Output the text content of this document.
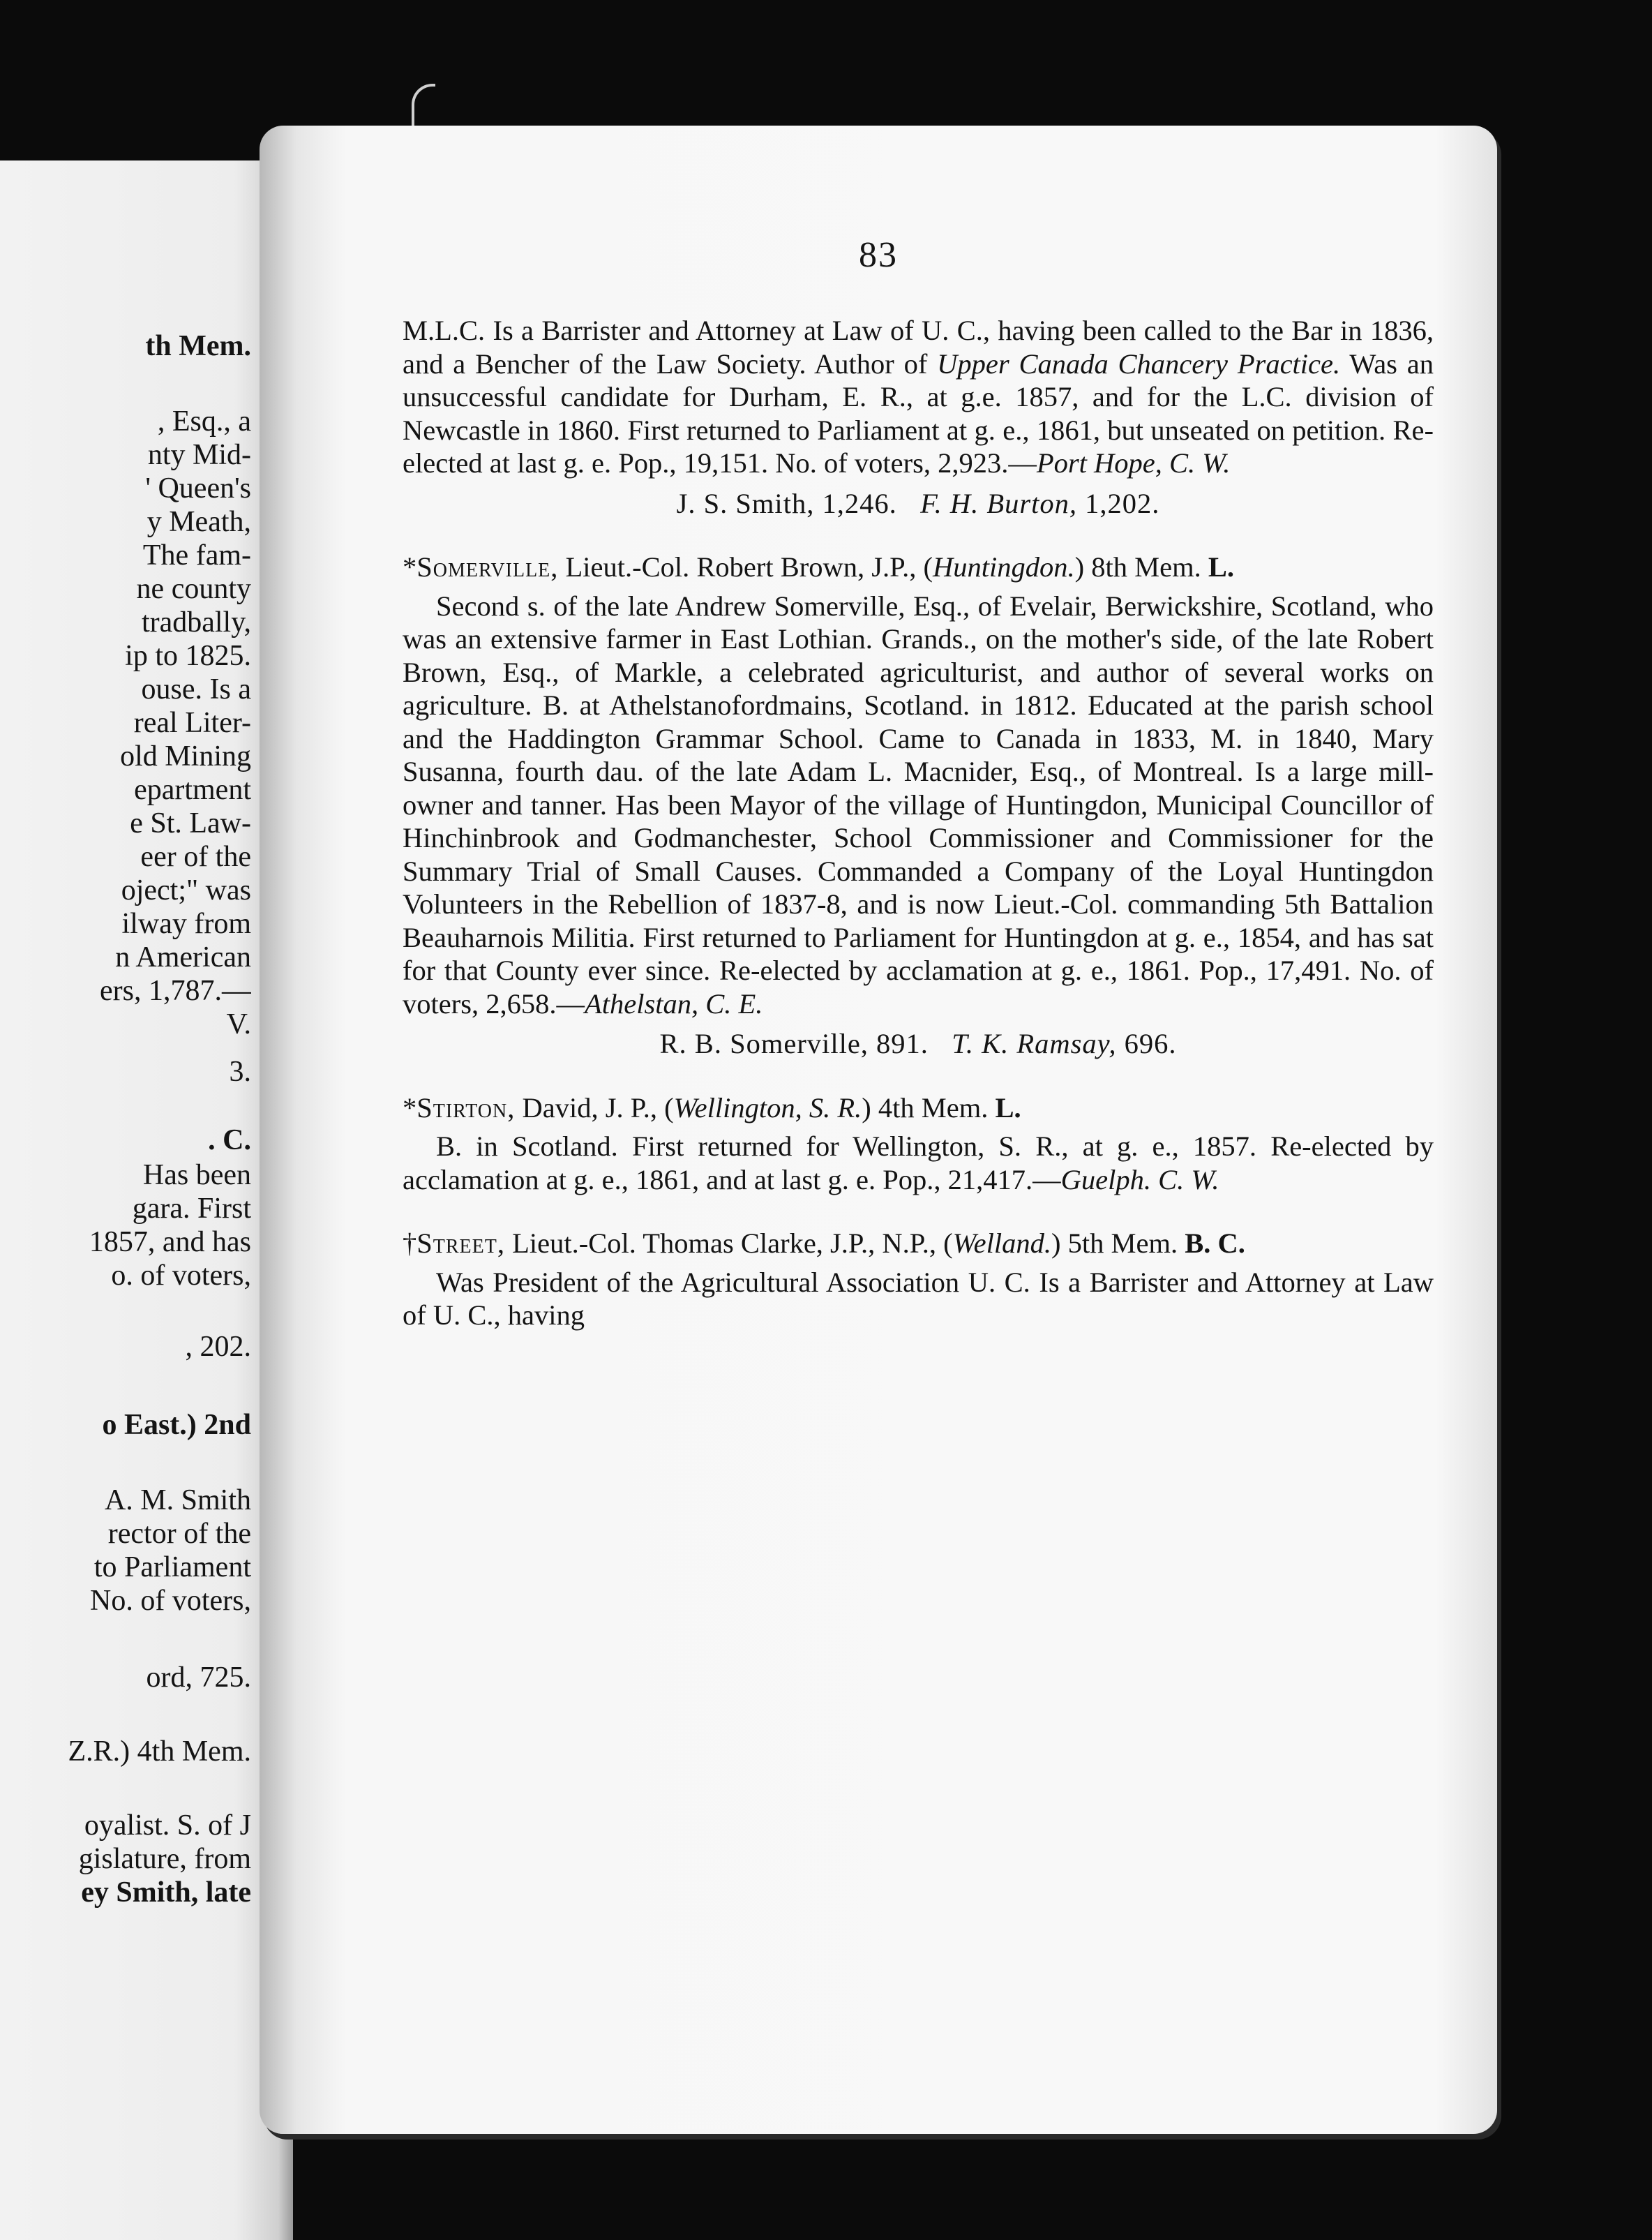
th Mem.
, Esq., a
nty Mid-
' Queen's
y Meath,
The fam-
ne county
tradbally,
ip to 1825.
ouse. Is a
real Liter-
old Mining
epartment
e St. Law-
eer of the
oject;" was
ilway from
n American
ers, 1,787.—
V.
3.
. C.
Has been
gara. First
1857, and has
o. of voters,
, 202.
o East.) 2nd
A. M. Smith
rector of the
to Parliament
No. of voters,
ord, 725.
Z.R.) 4th Mem.
oyalist. S. of J
gislature, from
ey Smith, late
83

M.L.C. Is a Barrister and Attorney at Law of U. C., having been called to the Bar in 1836, and a Bencher of the Law Society. Author of Upper Canada Chancery Practice. Was an unsuccessful candidate for Durham, E. R., at g.e. 1857, and for the L.C. division of Newcastle in 1860. First returned to Parliament at g. e., 1861, but unseated on petition. Re-elected at last g. e. Pop., 19,151. No. of voters, 2,923.—Port Hope, C. W.

J. S. Smith, 1,246. F. H. Burton, 1,202.

*Somerville, Lieut.-Col. Robert Brown, J.P., (Huntingdon.) 8th Mem. L.

Second s. of the late Andrew Somerville, Esq., of Evelair, Berwickshire, Scotland, who was an extensive farmer in East Lothian. Grands., on the mother's side, of the late Robert Brown, Esq., of Markle, a celebrated agriculturist, and author of several works on agriculture. B. at Athelstanofordmains, Scotland. in 1812. Educated at the parish school and the Haddington Grammar School. Came to Canada in 1833, M. in 1840, Mary Susanna, fourth dau. of the late Adam L. Macnider, Esq., of Montreal. Is a large mill-owner and tanner. Has been Mayor of the village of Huntingdon, Municipal Councillor of Hinchinbrook and Godmanchester, School Commissioner and Commissioner for the Summary Trial of Small Causes. Commanded a Company of the Loyal Huntingdon Volunteers in the Rebellion of 1837-8, and is now Lieut.-Col. commanding 5th Battalion Beauharnois Militia. First returned to Parliament for Huntingdon at g. e., 1854, and has sat for that County ever since. Re-elected by acclamation at g. e., 1861. Pop., 17,491. No. of voters, 2,658.—Athelstan, C. E.

R. B. Somerville, 891. T. K. Ramsay, 696.

*Stirton, David, J. P., (Wellington, S. R.) 4th Mem. L.

B. in Scotland. First returned for Wellington, S. R., at g. e., 1857. Re-elected by acclamation at g. e., 1861, and at last g. e. Pop., 21,417.—Guelph. C. W.

†Street, Lieut.-Col. Thomas Clarke, J.P., N.P., (Welland.) 5th Mem. B. C.

Was President of the Agricultural Association U. C. Is a Barrister and Attorney at Law of U. C., having
